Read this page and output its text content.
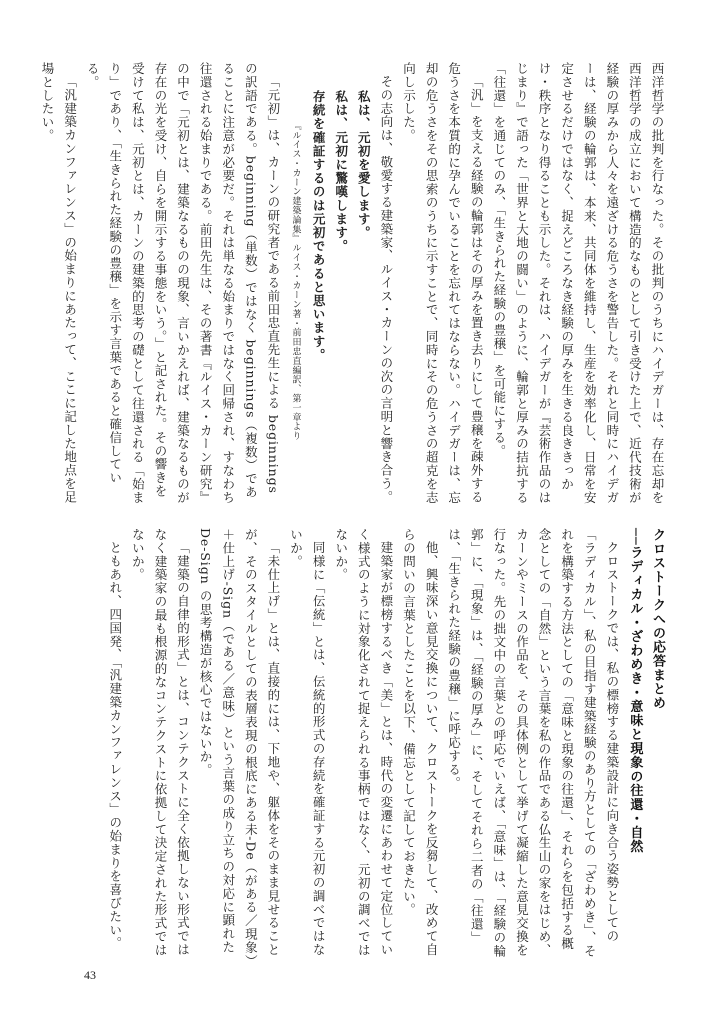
西洋哲学の批判を行なった。その批判のうちにハイデガーは、存在忘却を西洋哲学の成立において構造的なものとして引き受けた上で、近代技術が経験の厚みから人々を遠ざける危うさを警告した。それと同時にハイデガーは、経験の輪郭は、本来、共同体を維持し、生産を効率化し、日常を安定させるだけではなく、捉えどころなき経験の厚みを生きる良ききっかけ・秩序となり得ることも示した。それは、ハイデガーが『芸術作品のはじまり』で語った「世界と大地の闘い」のように、輪郭と厚みの拮抗する「往還」を通じてのみ、「生きられた経験の豊穣」を可能にする。
「汎」を支える経験の輪郭はその厚みを置き去りにして豊穣を疎外する危うさを本質的に孕んでいることを忘れてはならない。ハイデガーは、忘却の危うさをその思索のうちに示すことで、同時にその危うさの超克を志向し示した。
その志向は、敬愛する建築家、ルイス・カーンの次の言明と響き合う。
私は、元初を愛します。
私は、元初に驚嘆します。
存続を確証するのは元初であると思います。
『ルイス・カーン建築論集』ルイス・カーン著・前田忠直編訳、第一章より
「元初」は、カーンの研究者である前田忠直先生による beginnings の訳語である。beginning（単数）ではなく beginnings（複数）であることに注意が必要だ。それは単なる始まりではなく回帰され、すなわち往還される始まりである。前田先生は、その著書『ルイス・カーン研究』の中で「元初とは、建築なるものの現象、言いかえれば、建築なるものが存在の光を受け、自らを開示する事態をいう。」と記された。その響きを受けて私は、元初とは、カーンの建築的思考の礎として往還される「始まり」であり、「生きられた経験の豊穣」を示す言葉であると確信している。
「汎建築カンファレンス」の始まりにあたって、ここに記した地点を足場としたい。
クロストークへの応答まとめ
──ラディカル・ざわめき・意味と現象の往還・自然
クロストークでは、私の標榜する建築設計に向き合う姿勢としての「ラディカル」、私の目指す建築経験のあり方としての「ざわめき」、それを構築する方法としての「意味と現象の往還」、それらを包括する概念としての「自然」という言葉を私の作品である仏生山の家をはじめ、カーンやミースの作品を、その具体例として挙げて凝縮した意見交換を行なった。先の拙文中の言葉との呼応でいえば、「意味」は、「経験の輪郭」に、「現象」は、「経験の厚み」に、そしてそれら二者の「往還」は、「生きられた経験の豊穣」に呼応する。
他、興味深い意見交換について、クロストークを反芻して、改めて自らの問いの言葉としたことを以下、備忘として記しておきたい。
建築家が標榜するべき「美」とは、時代の変遷にあわせて定位していく様式のように対象化されて捉えられる事柄ではなく、元初の調べではないか。
同様に「伝統」とは、伝統的形式の存続を確証する元初の調べではないか。
「未仕上げ」とは、直接的には、下地や、躯体をそのまま見せることが、そのスタイルとしての表層表現の根底にある未-De（がある／現象）＋仕上げ-Sign（である／意味）という言葉の成り立ちの対応に顕れた De-Sign の思考構造が核心ではないか。
「建築の自律的形式」とは、コンテクストに全く依拠しない形式ではなく建築家の最も根源的なコンテクストに依拠して決定された形式ではないか。
ともあれ、四国発、「汎建築カンファレンス」の始まりを喜びたい。
43
